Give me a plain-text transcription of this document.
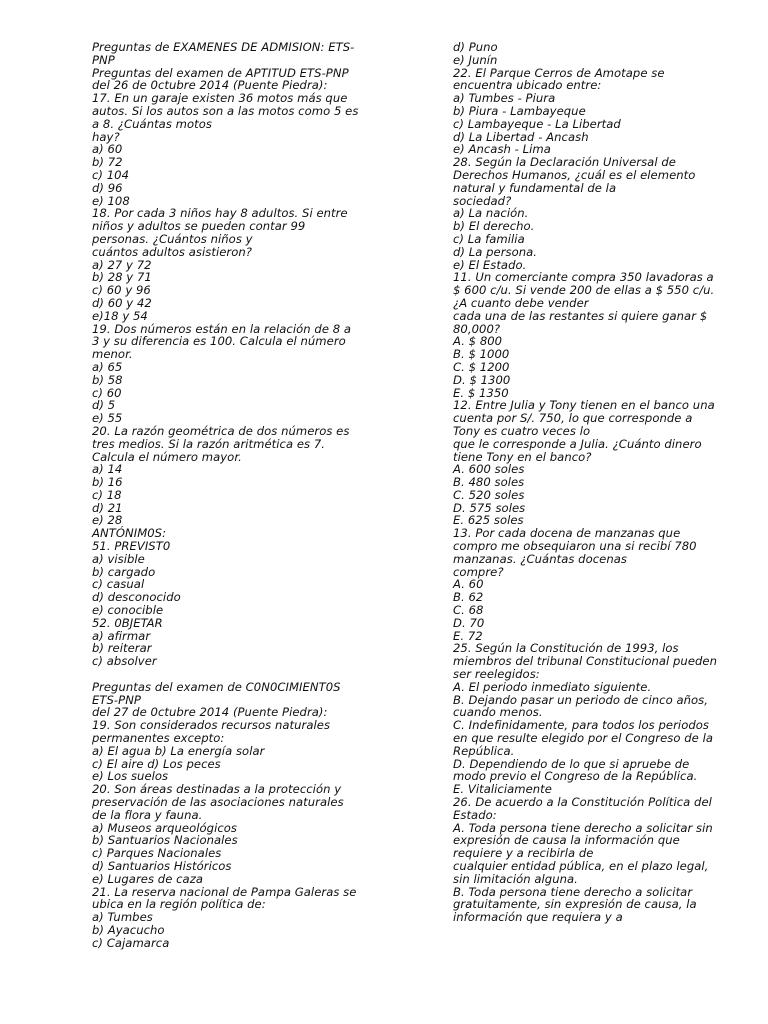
Preguntas de EXAMENES DE ADMISION: ETS-
PNP
Preguntas del examen de APTITUD ETS-PNP
del 26 de 0ctubre 2014 (Puente Piedra):
17. En un garaje existen 36 motos más que
autos. Si los autos son a las motos como 5 es
a 8. ¿Cuántas motos
hay?
a) 60
b) 72
c) 104
d) 96
e) 108
18. Por cada 3 niños hay 8 adultos. Si entre
niños y adultos se pueden contar 99
personas. ¿Cuántos niños y
cuántos adultos asistieron?
a) 27 y 72
b) 28 y 71
c) 60 y 96
d) 60 y 42
e)18 y 54
19. Dos números están en la relación de 8 a
3 y su diferencia es 100. Calcula el número
menor.
a) 65
b) 58
c) 60
d) 5
e) 55
20. La razón geométrica de dos números es
tres medios. Si la razón aritmética es 7.
Calcula el número mayor.
a) 14
b) 16
c) 18
d) 21
e) 28
ANTÓNIM0S:
51. PREVIST0
a) visible
b) cargado
c) casual
d) desconocido
e) conocible
52. 0BJETAR
a) afirmar
b) reiterar
c) absolver
Preguntas del examen de C0N0CIMIENT0S
ETS-PNP
del 27 de 0ctubre 2014 (Puente Piedra):
19. Son considerados recursos naturales
permanentes excepto:
a) El agua b) La energía solar
c) El aire d) Los peces
e) Los suelos
20. Son áreas destinadas a la protección y
preservación de las asociaciones naturales
de la flora y fauna.
a) Museos arqueológicos
b) Santuarios Nacionales
c) Parques Nacionales
d) Santuarios Históricos
e) Lugares de caza
21. La reserva nacional de Pampa Galeras se
ubica en la región política de:
a) Tumbes
b) Ayacucho
c) Cajamarca
d) Puno
e) Junín
22. El Parque Cerros de Amotape se
encuentra ubicado entre:
a) Tumbes - Piura
b) Piura - Lambayeque
c) Lambayeque - La Libertad
d) La Libertad - Ancash
e) Ancash - Lima
28. Según la Declaración Universal de
Derechos Humanos, ¿cuál es el elemento
natural y fundamental de la
sociedad?
a) La nación.
b) El derecho.
c) La familia
d) La persona.
e) El Estado.
11. Un comerciante compra 350 lavadoras a
$ 600 c/u. Si vende 200 de ellas a $ 550 c/u.
¿A cuanto debe vender
cada una de las restantes si quiere ganar $
80,000?
A. $ 800
B. $ 1000
C. $ 1200
D. $ 1300
E. $ 1350
12. Entre Julia y Tony tienen en el banco una
cuenta por S/. 750, lo que corresponde a
Tony es cuatro veces lo
que le corresponde a Julia. ¿Cuánto dinero
tiene Tony en el banco?
A. 600 soles
B. 480 soles
C. 520 soles
D. 575 soles
E. 625 soles
13. Por cada docena de manzanas que
compro me obsequiaron una si recibí 780
manzanas. ¿Cuántas docenas
compre?
A. 60
B. 62
C. 68
D. 70
E. 72
25. Según la Constitución de 1993, los
miembros del tribunal Constitucional pueden
ser reelegidos:
A. El periodo inmediato siguiente.
B. Dejando pasar un periodo de cinco años,
cuando menos.
C. Indefinidamente, para todos los periodos
en que resulte elegido por el Congreso de la
República.
D. Dependiendo de lo que si apruebe de
modo previo el Congreso de la República.
E. Vitaliciamente
26. De acuerdo a la Constitución Política del
Estado:
A. Toda persona tiene derecho a solicitar sin
expresión de causa la información que
requiere y a recibirla de
cualquier entidad pública, en el plazo legal,
sin limitación alguna.
B. Toda persona tiene derecho a solicitar
gratuitamente, sin expresión de causa, la
información que requiera y a
